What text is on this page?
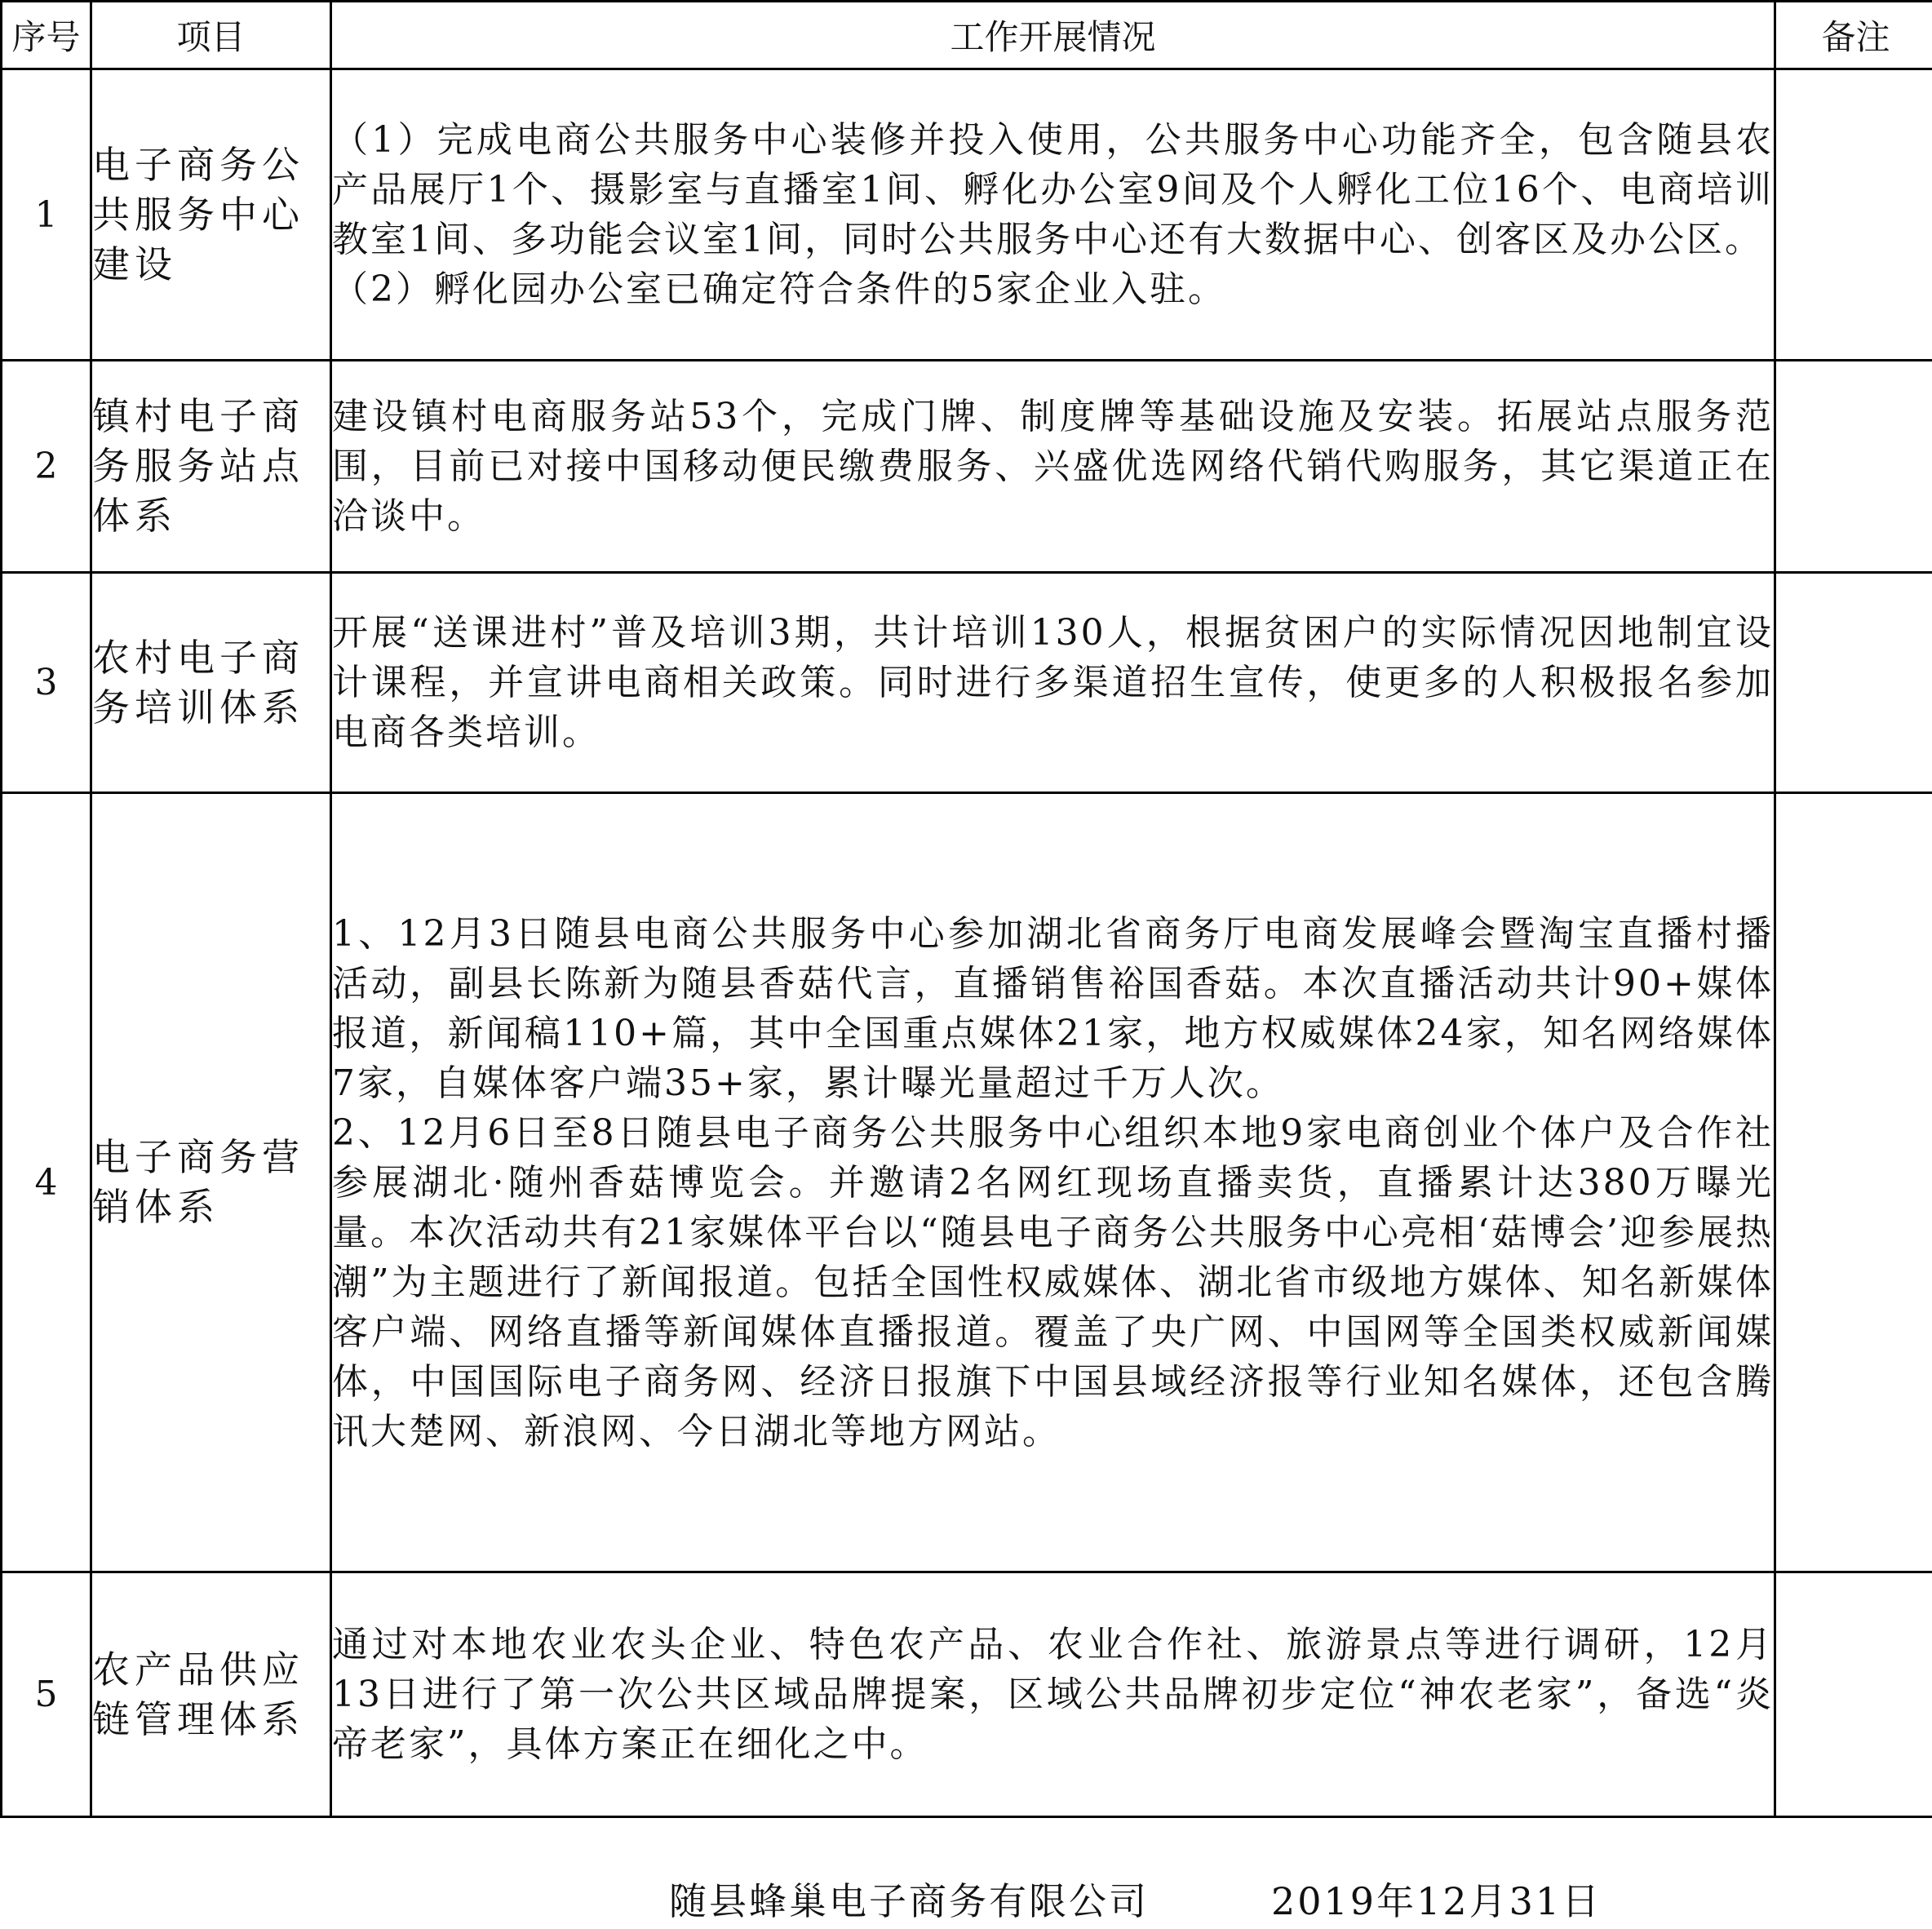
序号	项目	工作开展情况	备注
1	电子商务公共服务中心建设	（1）完成电商公共服务中心装修并投入使用，公共服务中心功能齐全，包含随县农产品展厅1个、摄影室与直播室1间、孵化办公室9间及个人孵化工位16个、电商培训教室1间、多功能会议室1间，同时公共服务中心还有大数据中心、创客区及办公区。

（2）孵化园办公室已确定符合条件的5家企业入驻。	

2	镇村电子商务服务站点体系	建设镇村电商服务站53个，完成门牌、制度牌等基础设施及安装。拓展站点服务范围，目前已对接中国移动便民缴费服务、兴盛优选网络代销代购服务，其它渠道正在洽谈中。	

3	农村电子商务培训体系	开展“送课进村”普及培训3期，共计培训130人，根据贫困户的实际情况因地制宜设计课程，并宣讲电商相关政策。同时进行多渠道招生宣传，使更多的人积极报名参加电商各类培训。	

4	电子商务营销体系	1、12月3日随县电商公共服务中心参加湖北省商务厅电商发展峰会暨淘宝直播村播活动，副县长陈新为随县香菇代言，直播销售裕国香菇。本次直播活动共计90+媒体报道，新闻稿110+篇，其中全国重点媒体21家，地方权威媒体24家，知名网络媒体7家，自媒体客户端35+家，累计曝光量超过千万人次。

2、12月6日至8日随县电子商务公共服务中心组织本地9家电商创业个体户及合作社参展湖北·随州香菇博览会。并邀请2名网红现场直播卖货，直播累计达380万曝光量。本次活动共有21家媒体平台以“随县电子商务公共服务中心亮相‘菇博会’迎参展热潮”为主题进行了新闻报道。包括全国性权威媒体、湖北省市级地方媒体、知名新媒体客户端、网络直播等新闻媒体直播报道。覆盖了央广网、中国网等全国类权威新闻媒体，中国国际电子商务网、经济日报旗下中国县域经济报等行业知名媒体，还包含腾讯大楚网、新浪网、今日湖北等地方网站。	

5	农产品供应链管理体系	通过对本地农业农头企业、特色农产品、农业合作社、旅游景点等进行调研，12月13日进行了第一次公共区域品牌提案，区域公共品牌初步定位“神农老家”，备选“炎帝老家”，具体方案正在细化之中。	

随县蜂巢电子商务有限公司	2019年12月31日
